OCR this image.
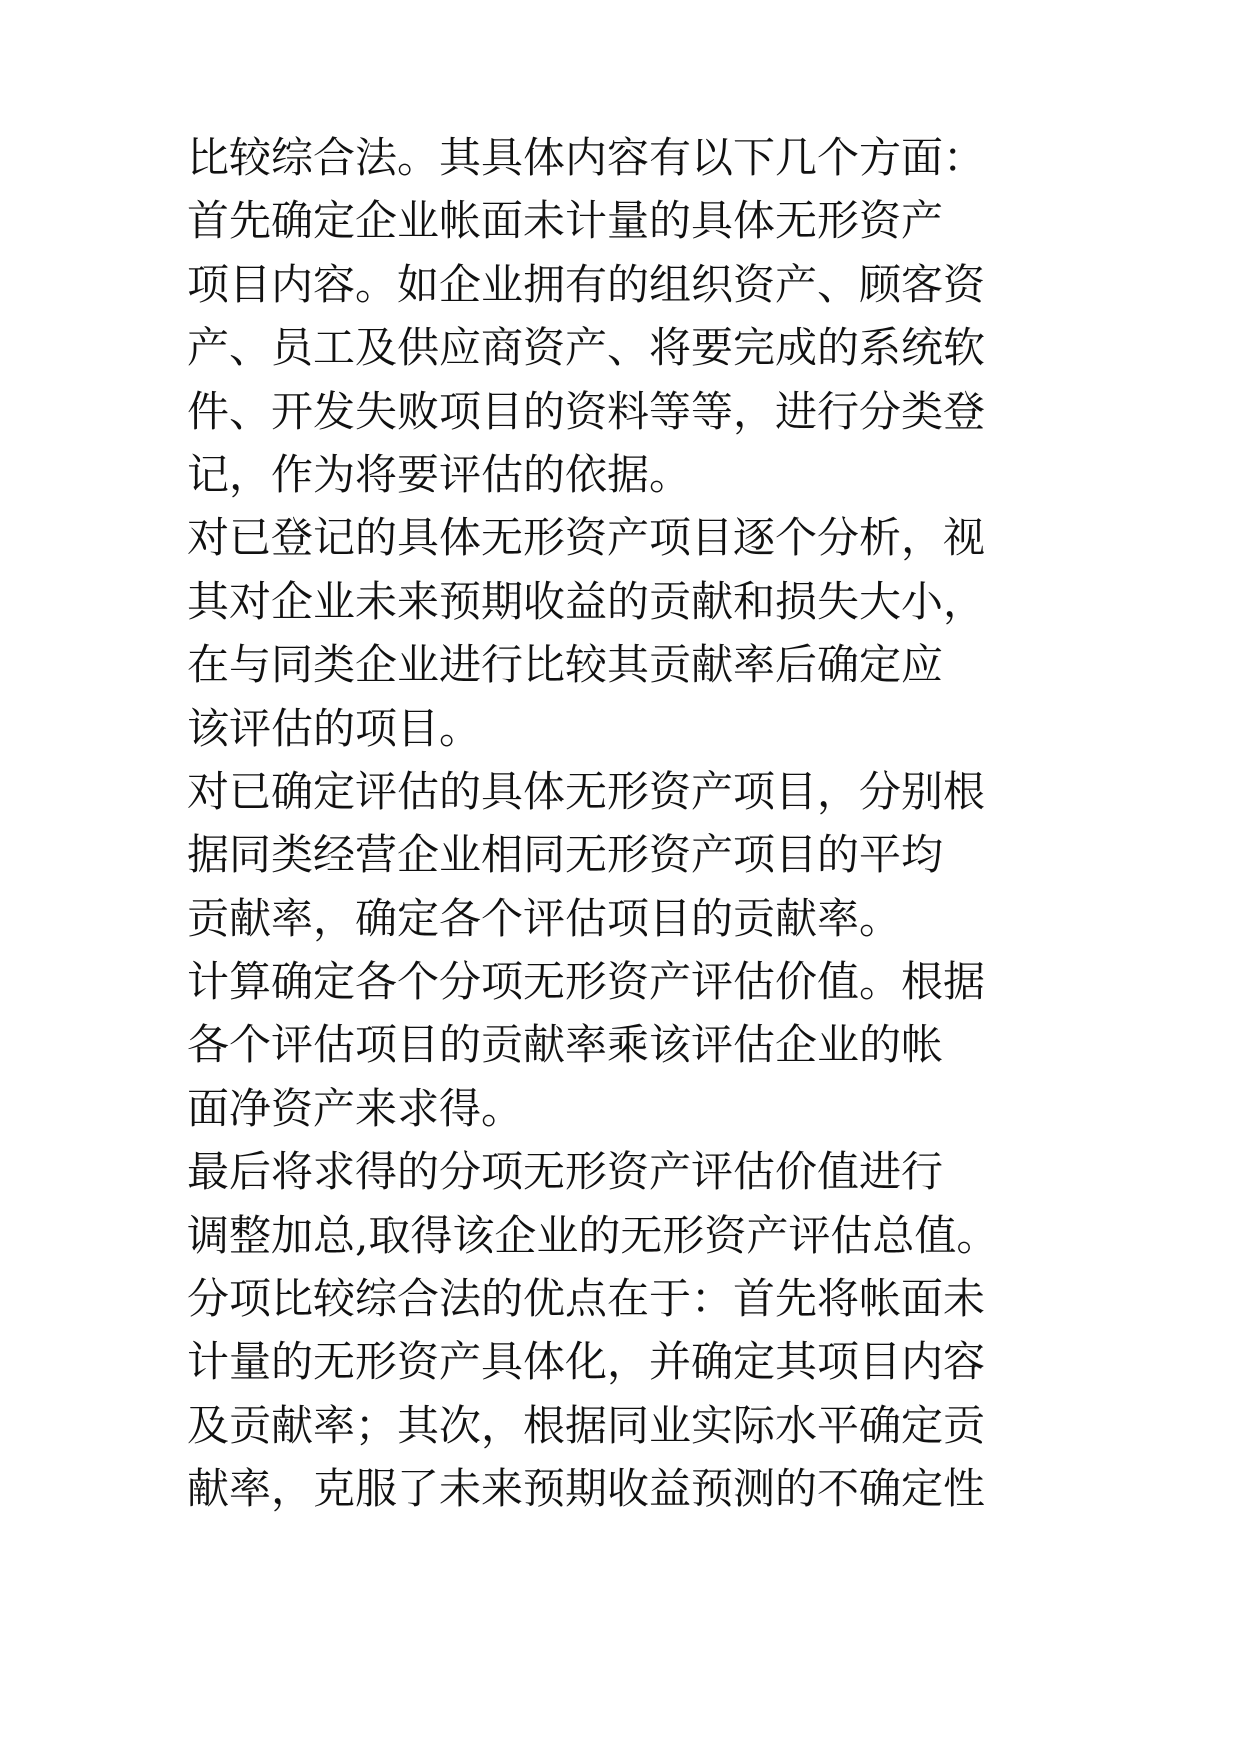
比较综合法。其具体内容有以下几个方面：
首先确定企业帐面未计量的具体无形资产
项目内容。如企业拥有的组织资产、顾客资
产、员工及供应商资产、将要完成的系统软
件、开发失败项目的资料等等，进行分类登
记，作为将要评估的依据。
对已登记的具体无形资产项目逐个分析，视
其对企业未来预期收益的贡献和损失大小，
在与同类企业进行比较其贡献率后确定应
该评估的项目。
对已确定评估的具体无形资产项目，分别根
据同类经营企业相同无形资产项目的平均
贡献率，确定各个评估项目的贡献率。
计算确定各个分项无形资产评估价值。根据
各个评估项目的贡献率乘该评估企业的帐
面净资产来求得。
最后将求得的分项无形资产评估价值进行
调整加总,取得该企业的无形资产评估总值。
分项比较综合法的优点在于：首先将帐面未
计量的无形资产具体化，并确定其项目内容
及贡献率；其次，根据同业实际水平确定贡
献率，克服了未来预期收益预测的不确定性
